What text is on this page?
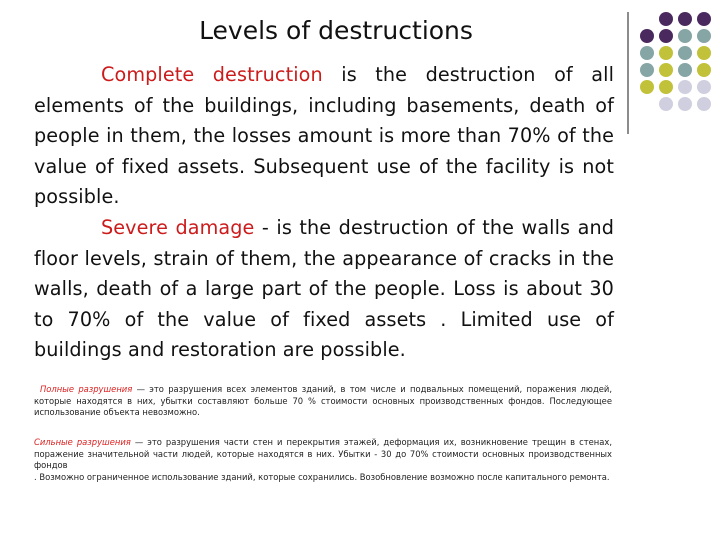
Levels of destructions

Complete destruction is the destruction of all elements of the buildings, including basements, death of people in them, the losses amount is more than 70% of the value of fixed assets. Subsequent use of the facility is not possible.

Severe damage - is the destruction of the walls and floor levels, strain of them, the appearance of cracks in the walls, death of a large part of the people. Loss is about 30 to 70% of the value of fixed assets . Limited use of buildings and restoration are possible.

Полные разрушения — это разрушения всех элементов зданий, в том числе и подвальных помещений, поражения людей, которые находятся в них, убытки составляют больше 70 % стоимости основных производственных фондов. Последующее использование объекта невозможно.

Сильные разрушения — это разрушения части стен и перекрытия этажей, деформация их, возникновение трещин в стенах, поражение значительной части людей, которые находятся в них. Убытки - 30 до 70% стоимости основных производственных фондов

. Возможно ограниченное использование зданий, которые сохранились. Возобновление возможно после капитального ремонта.
